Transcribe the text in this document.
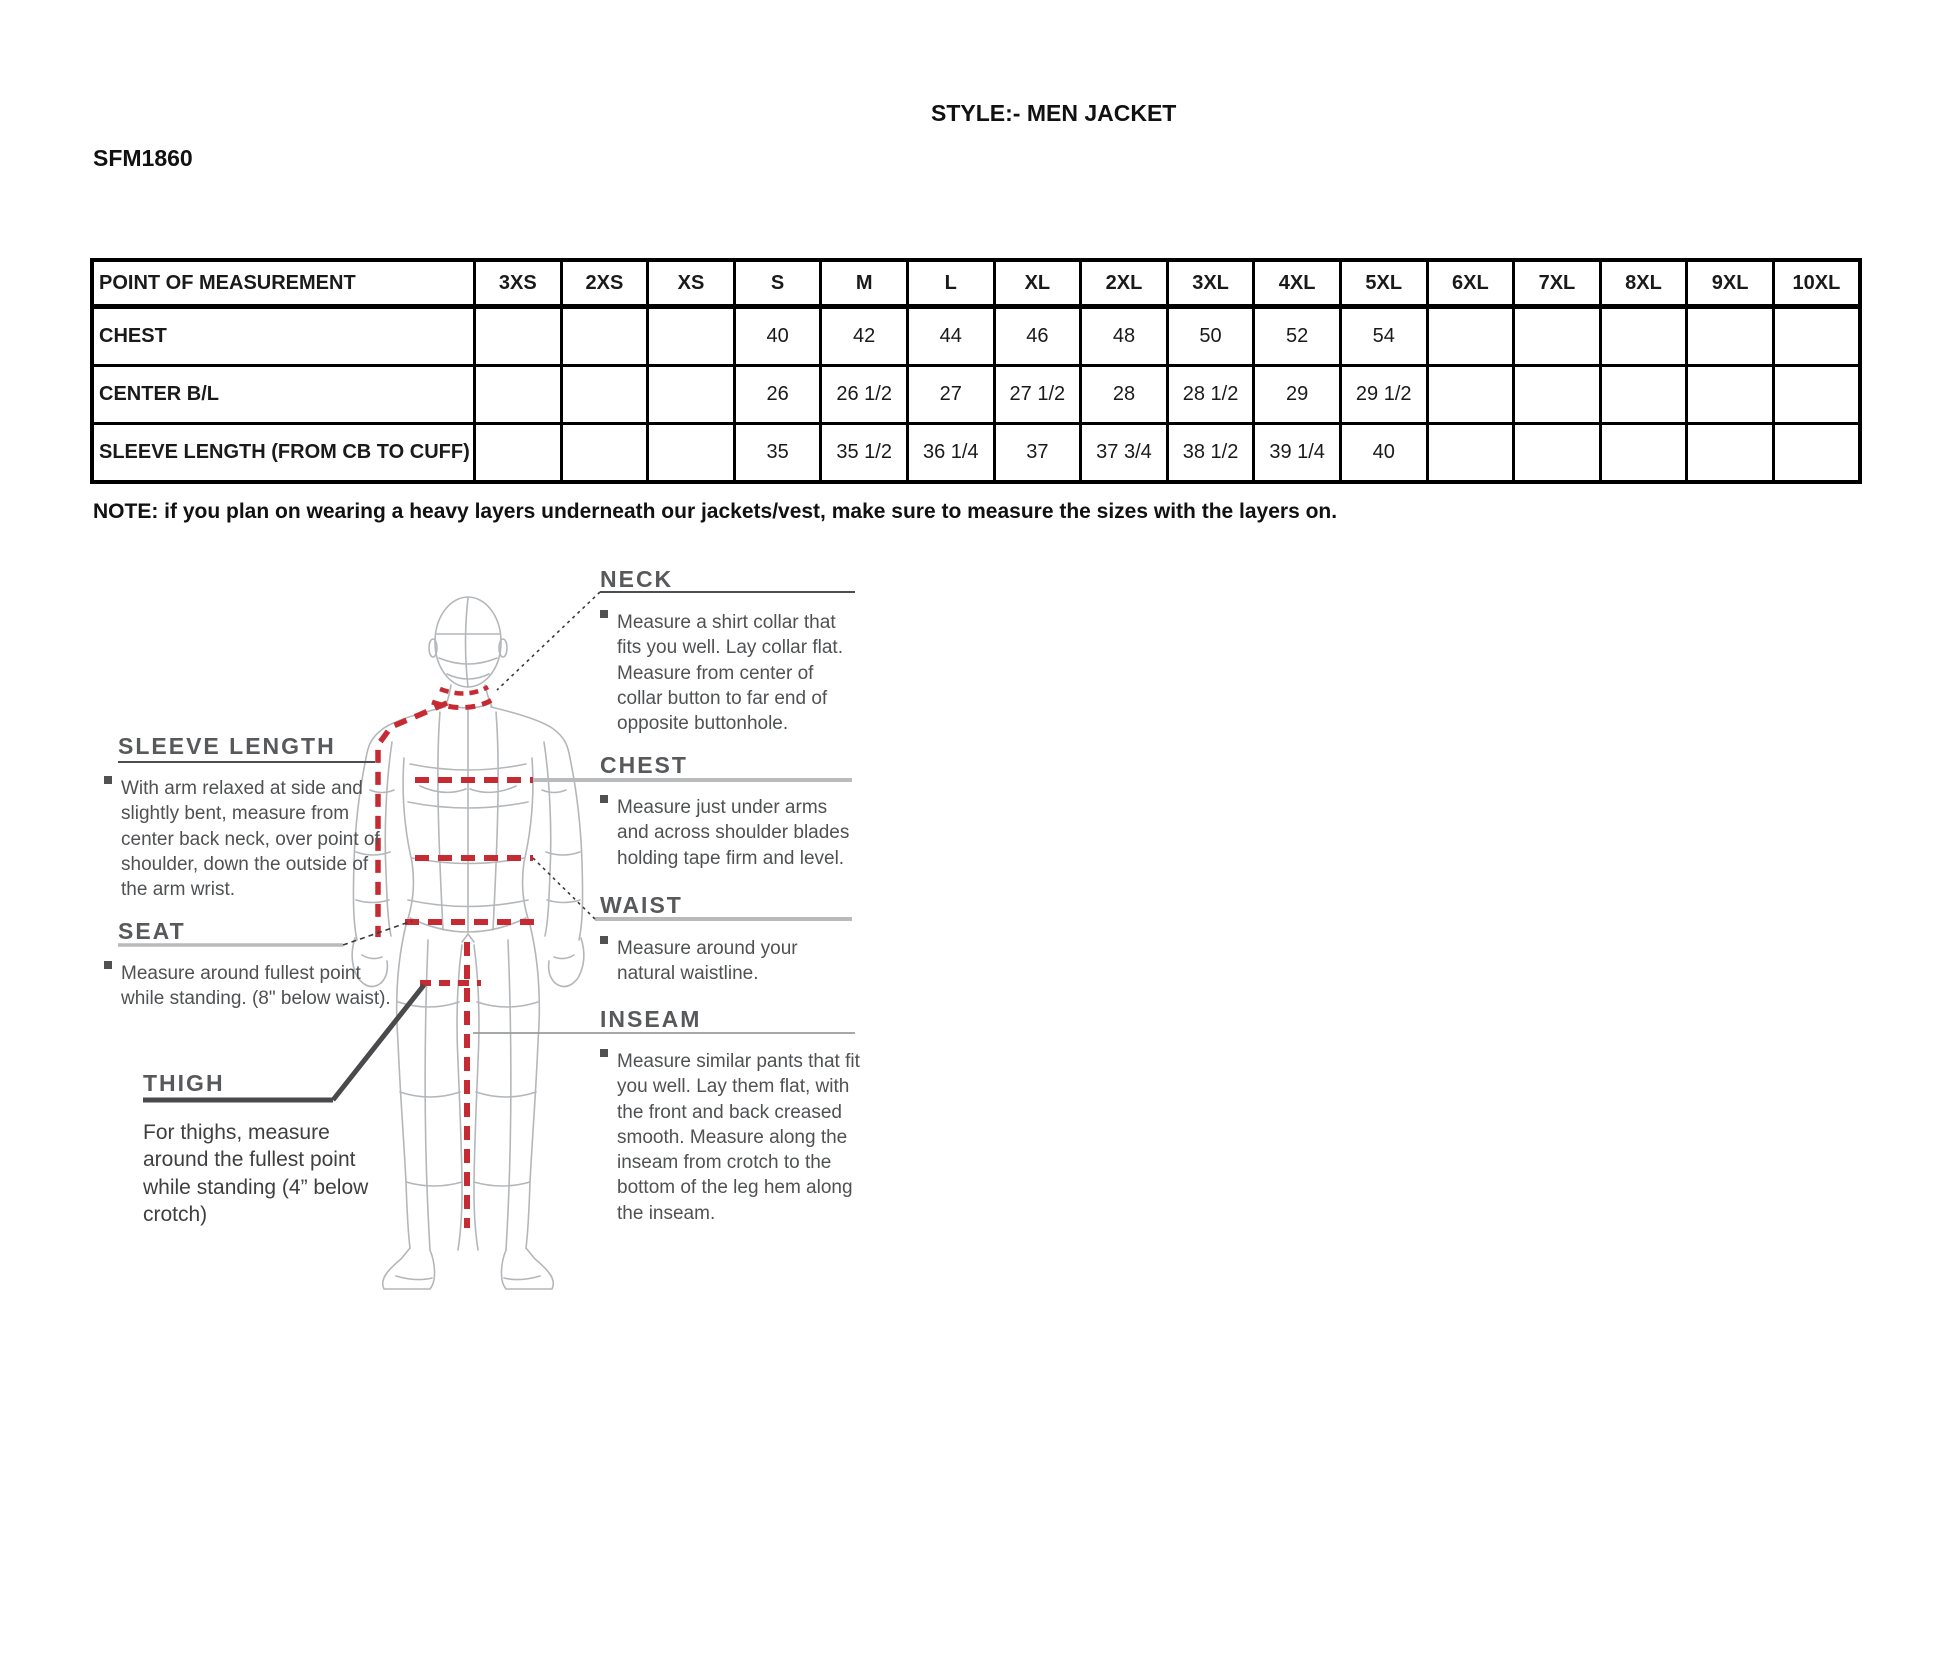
STYLE:- MEN JACKET
SFM1860
POINT OF MEASUREMENT	3XS	2XS	XS	S	M	L	XL	2XL	3XL	4XL	5XL	6XL	7XL	8XL	9XL	10XL
CHEST				40	42	44	46	48	50	52	54					
CENTER B/L				26	26 1/2	27	27 1/2	28	28 1/2	29	29 1/2					
SLEEVE LENGTH (FROM CB TO CUFF)				35	35 1/2	36 1/4	37	37 3/4	38 1/2	39 1/4	40					
NOTE: if you plan on wearing a heavy layers underneath our jackets/vest, make sure to measure the sizes with the layers on.
NECK
Measure a shirt collar that fits you well. Lay collar flat. Measure from center of collar button to far end of opposite buttonhole.
CHEST
Measure just under arms and across shoulder blades holding tape firm and level.
WAIST
Measure around your natural waistline.
INSEAM
Measure similar pants that fit you well. Lay them flat, with the front and back creased smooth. Measure along the inseam from crotch to the bottom of the leg hem along the inseam.
SLEEVE LENGTH
With arm relaxed at side and slightly bent, measure from center back neck, over point of shoulder, down the outside of the arm wrist.
SEAT
Measure around fullest point while standing. (8" below waist).
THIGH
For thighs, measure around the fullest point while standing (4” below crotch)
